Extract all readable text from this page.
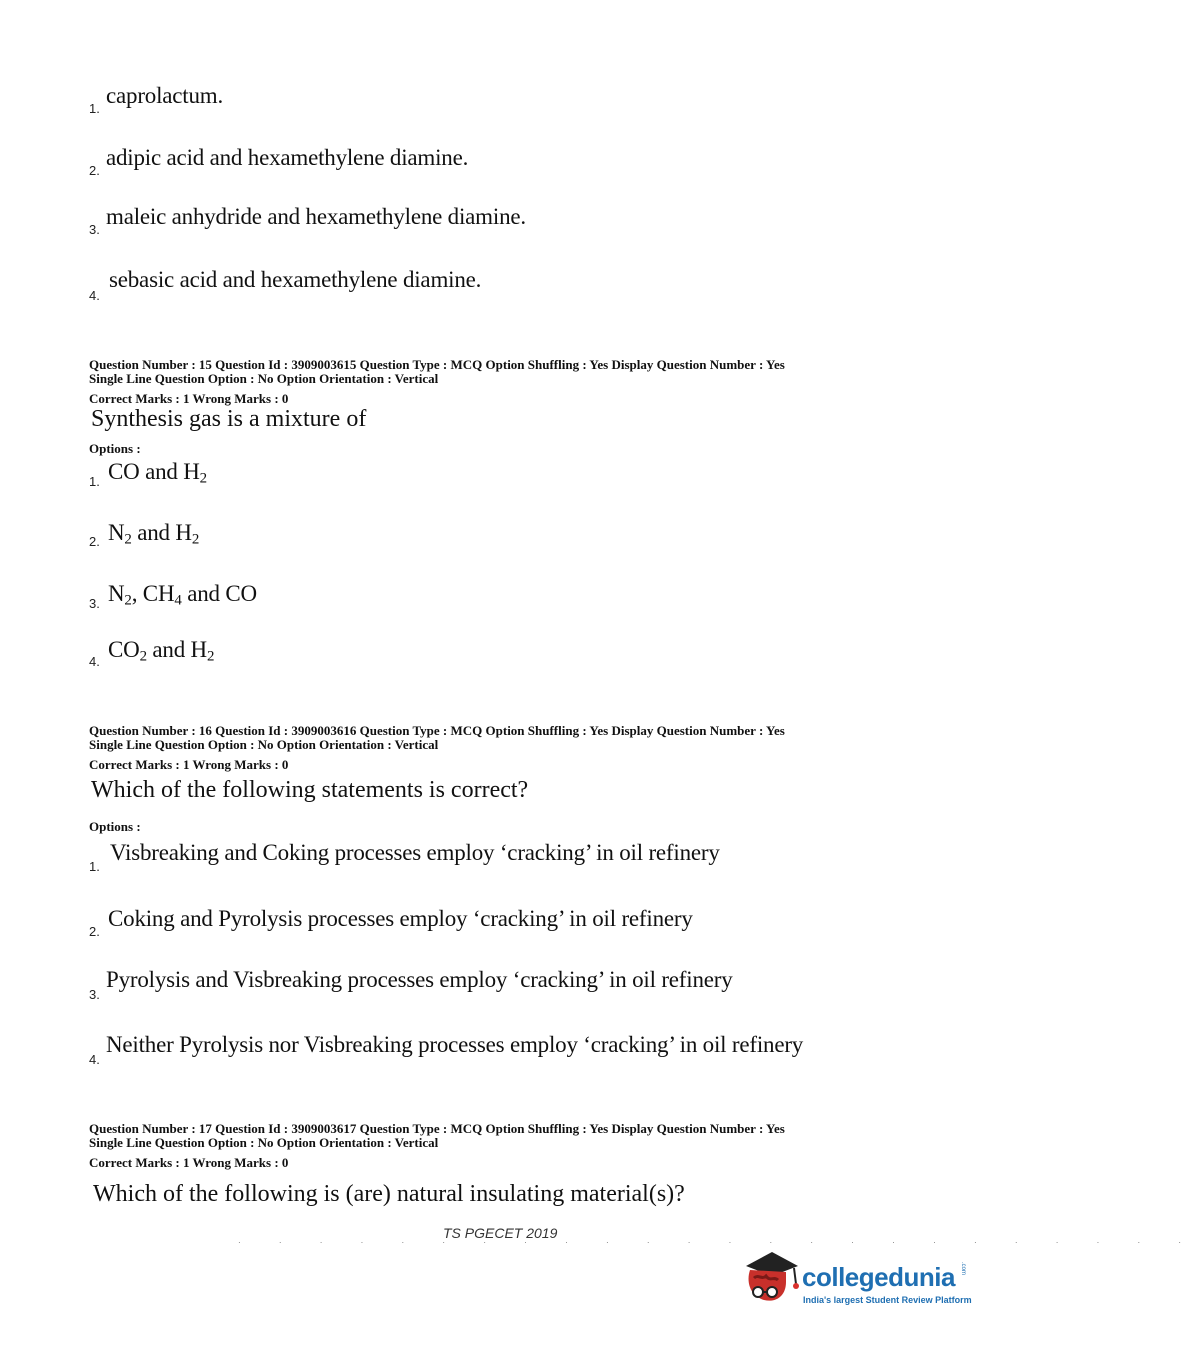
1.
caprolactum.
2.
adipic acid and hexamethylene diamine.
3.
maleic anhydride and hexamethylene diamine.
4.
sebasic acid and hexamethylene diamine.
Question Number : 15 Question Id : 3909003615 Question Type : MCQ Option Shuffling : Yes Display Question Number : Yes
Single Line Question Option : No Option Orientation : Vertical
Correct Marks : 1 Wrong Marks : 0
Synthesis gas is a mixture of
Options :
1. CO and $H_2$
2. $N_2$ and $H_2$
3. $N_2$, $CH_4$ and CO
4. $CO_2$ and $H_2$
Question Number : 16 Question Id : 3909003616 Question Type : MCQ Option Shuffling : Yes Display Question Number : Yes
Single Line Question Option : No Option Orientation : Vertical
Correct Marks : 1 Wrong Marks : 0
Which of the following statements is correct?
Options :
1.
Visbreaking and Coking processes employ ‘cracking’ in oil refinery
2.
Coking and Pyrolysis processes employ ‘cracking’ in oil refinery
3.
Pyrolysis and Visbreaking processes employ ‘cracking’ in oil refinery
4.
Neither Pyrolysis nor Visbreaking processes employ ‘cracking’ in oil refinery
Question Number : 17 Question Id : 3909003617 Question Type : MCQ Option Shuffling : Yes Display Question Number : Yes
Single Line Question Option : No Option Orientation : Vertical
Correct Marks : 1 Wrong Marks : 0
Which of the following is (are) natural insulating material(s)?
TS PGECET 2019
· · · · · · · · · · · · · · · · · · · · · · · ·
collegedunia .com
India's largest Student Review Platform
